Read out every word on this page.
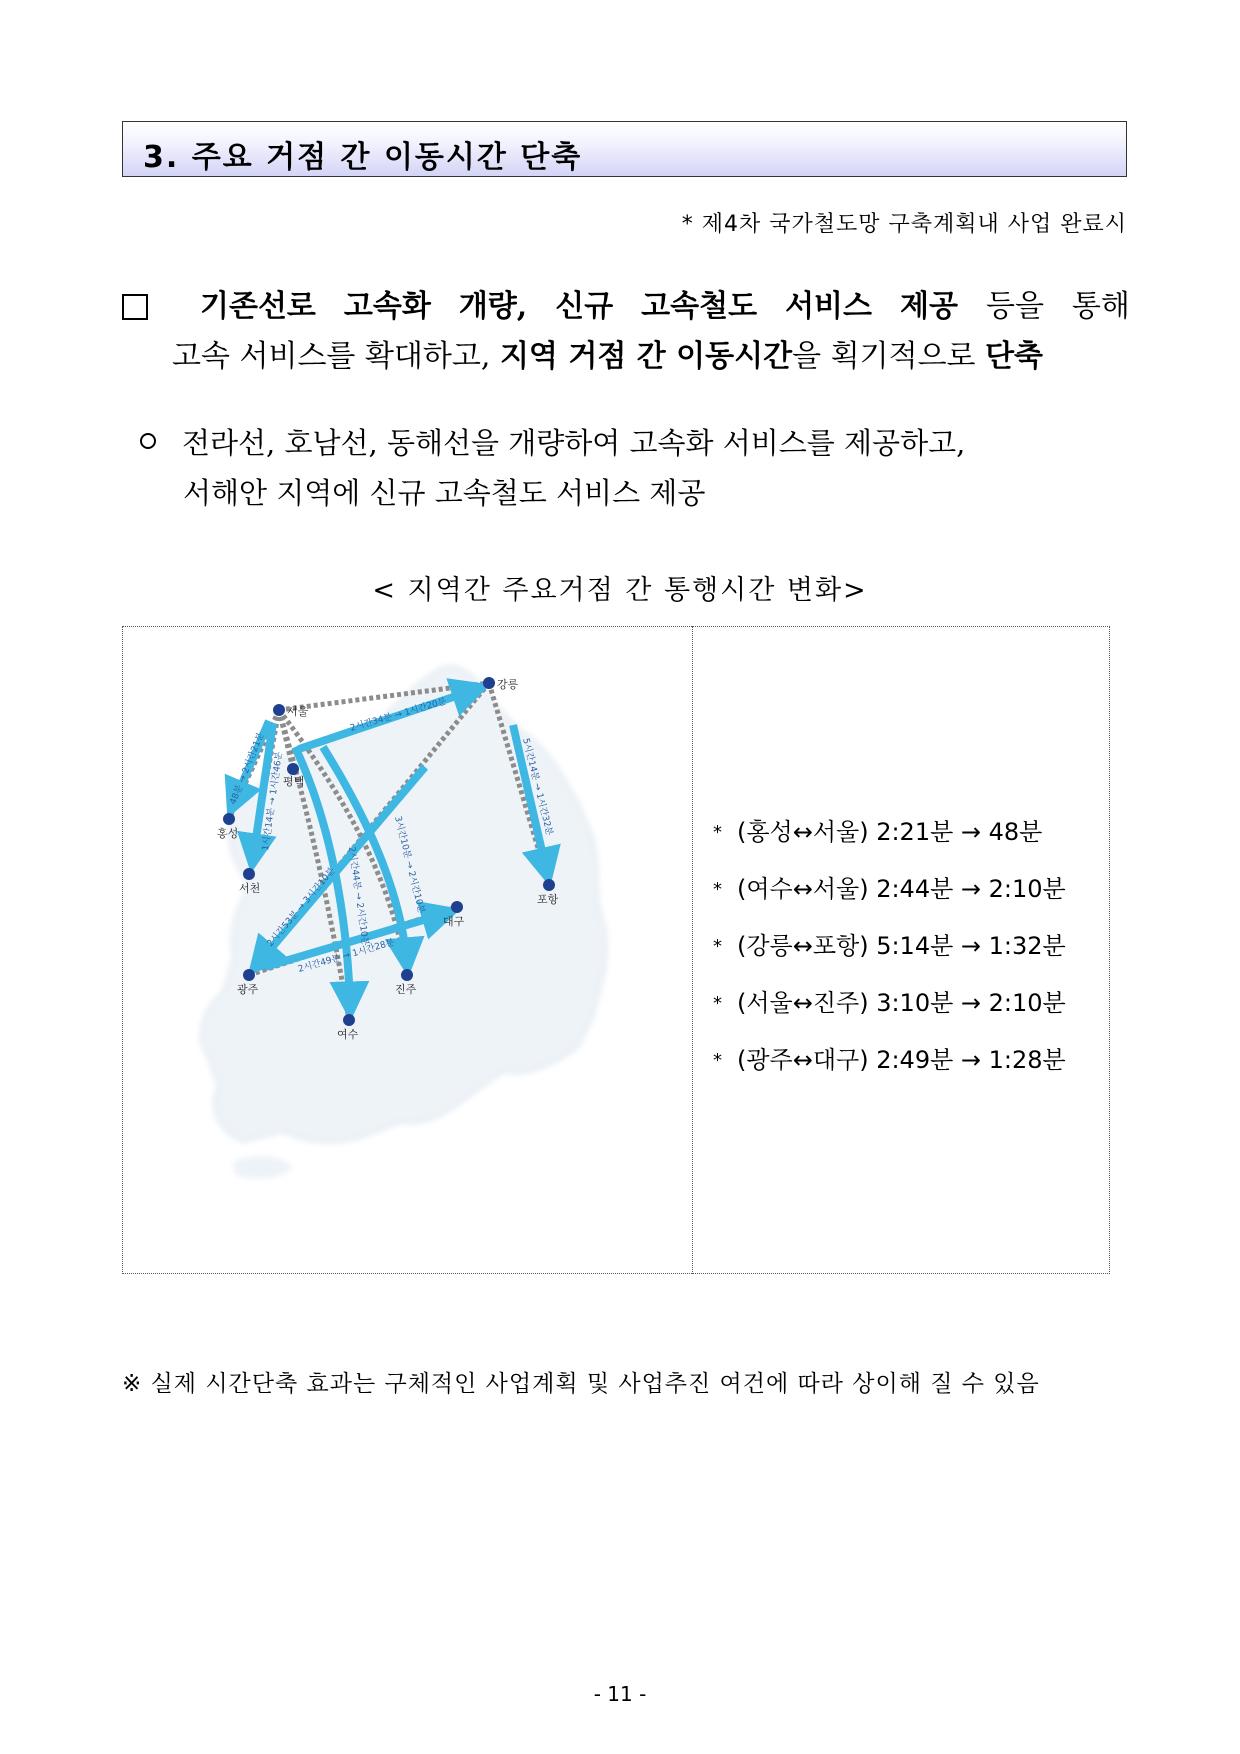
3. 주요 거점 간 이동시간 단축
* 제4차 국가철도망 구축계획내 사업 완료시
기존선로 고속화 개량, 신규 고속철도 서비스 제공 등을 통해
고속 서비스를 확대하고, 지역 거점 간 이동시간을 획기적으로 단축
전라선, 호남선, 동해선을 개량하여 고속화 서비스를 제공하고,
서해안 지역에 신규 고속철도 서비스 제공
< 지역간 주요거점 간 통행시간 변화>
2시간34분 → 1시간20분
48분 → 2시간21분
1시간14분 → 1시간46분	5시간14분 → 1시간32분
2시간53분 → 3시간10분 2시간44분 → 2시간10분 3시간10분 → 2시간10분
2시간49분 → 1시간28분
서울
강릉
평택
홍성
서천
대구
포항
광주	진주
여수
* (홍성↔서울) 2:21분 → 48분
* (여수↔서울) 2:44분 → 2:10분
* (강릉↔포항) 5:14분 → 1:32분
* (서울↔진주) 3:10분 → 2:10분
* (광주↔대구) 2:49분 → 1:28분
※ 실제 시간단축 효과는 구체적인 사업계획 및 사업추진 여건에 따라 상이해 질 수 있음
- 11 -
